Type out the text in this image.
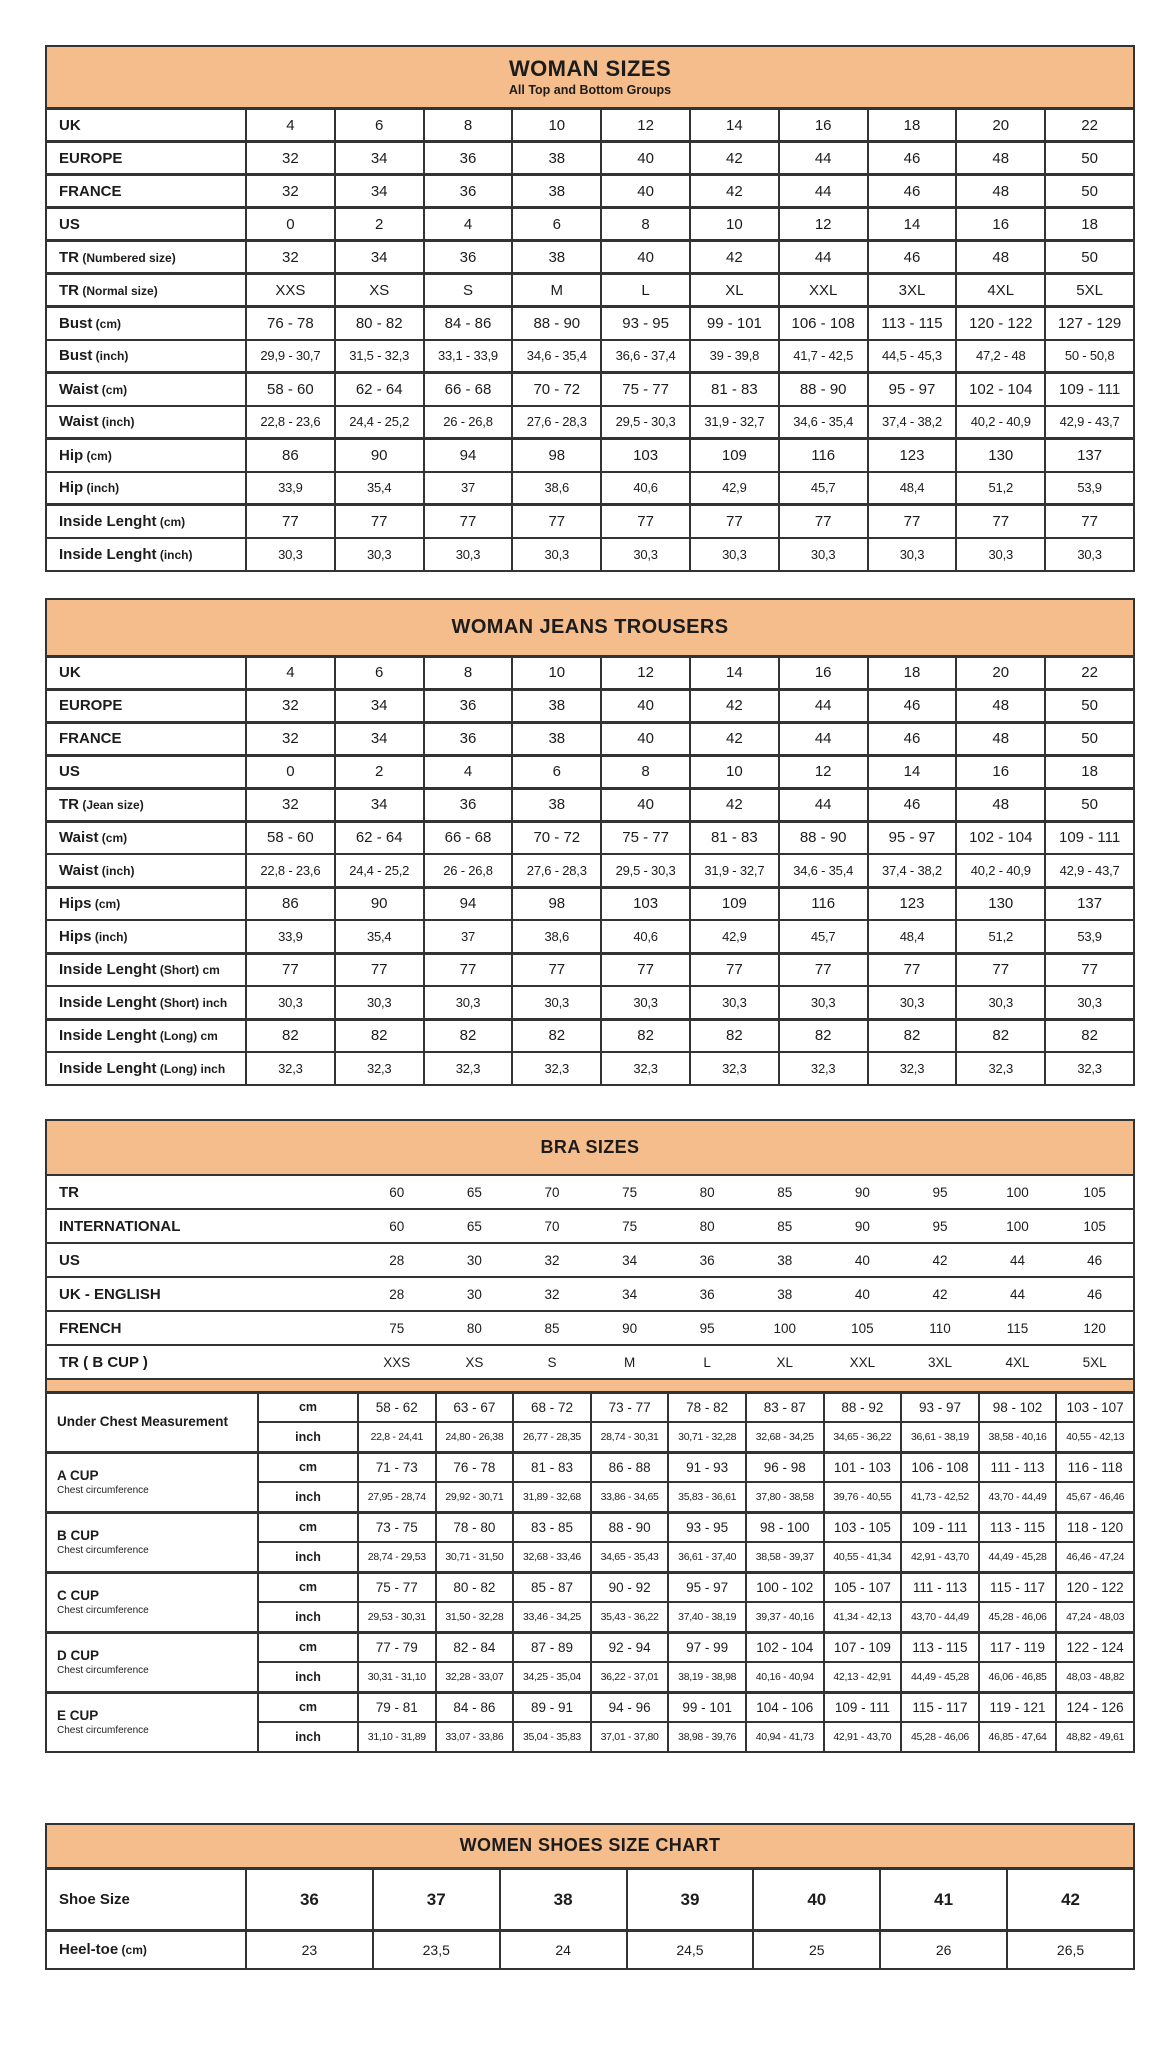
WOMAN SIZES
All Top and Bottom Groups
UK	4	6	8	10	12	14	16	18	20	22
EUROPE	32	34	36	38	40	42	44	46	48	50
FRANCE	32	34	36	38	40	42	44	46	48	50
US	0	2	4	6	8	10	12	14	16	18
TR (Numbered size)	32	34	36	38	40	42	44	46	48	50
TR (Normal size)	XXS	XS	S	M	L	XL	XXL	3XL	4XL	5XL
Bust (cm)	76 - 78	80 - 82	84 - 86	88 - 90	93 - 95	99 - 101	106 - 108	113 - 115	120 - 122	127 - 129
Bust (inch)	29,9 - 30,7	31,5 - 32,3	33,1 - 33,9	34,6 - 35,4	36,6 - 37,4	39 - 39,8	41,7 - 42,5	44,5 - 45,3	47,2 - 48	50 - 50,8
Waist (cm)	58 - 60	62 - 64	66 - 68	70 - 72	75 - 77	81 - 83	88 - 90	95 - 97	102 - 104	109 - 111
Waist (inch)	22,8 - 23,6	24,4 - 25,2	26 - 26,8	27,6 - 28,3	29,5 - 30,3	31,9 - 32,7	34,6 - 35,4	37,4 - 38,2	40,2 - 40,9	42,9 - 43,7
Hip (cm)	86	90	94	98	103	109	116	123	130	137
Hip (inch)	33,9	35,4	37	38,6	40,6	42,9	45,7	48,4	51,2	53,9
Inside Lenght (cm)	77	77	77	77	77	77	77	77	77	77
Inside Lenght (inch)	30,3	30,3	30,3	30,3	30,3	30,3	30,3	30,3	30,3	30,3
WOMAN JEANS TROUSERS
UK	4	6	8	10	12	14	16	18	20	22
EUROPE	32	34	36	38	40	42	44	46	48	50
FRANCE	32	34	36	38	40	42	44	46	48	50
US	0	2	4	6	8	10	12	14	16	18
TR (Jean size)	32	34	36	38	40	42	44	46	48	50
Waist (cm)	58 - 60	62 - 64	66 - 68	70 - 72	75 - 77	81 - 83	88 - 90	95 - 97	102 - 104	109 - 111
Waist (inch)	22,8 - 23,6	24,4 - 25,2	26 - 26,8	27,6 - 28,3	29,5 - 30,3	31,9 - 32,7	34,6 - 35,4	37,4 - 38,2	40,2 - 40,9	42,9 - 43,7
Hips (cm)	86	90	94	98	103	109	116	123	130	137
Hips (inch)	33,9	35,4	37	38,6	40,6	42,9	45,7	48,4	51,2	53,9
Inside Lenght (Short) cm	77	77	77	77	77	77	77	77	77	77
Inside Lenght (Short) inch	30,3	30,3	30,3	30,3	30,3	30,3	30,3	30,3	30,3	30,3
Inside Lenght (Long) cm	82	82	82	82	82	82	82	82	82	82
Inside Lenght (Long) inch	32,3	32,3	32,3	32,3	32,3	32,3	32,3	32,3	32,3	32,3
BRA SIZES
TR		60	65	70	75	80	85	90	95	100	105
INTERNATIONAL		60	65	70	75	80	85	90	95	100	105
US		28	30	32	34	36	38	40	42	44	46
UK - ENGLISH		28	30	32	34	36	38	40	42	44	46
FRENCH		75	80	85	90	95	100	105	110	115	120
TR ( B CUP )		XXS	XS	S	M	L	XL	XXL	3XL	4XL	5XL

Under Chest Measurement	cm	58 - 62	63 - 67	68 - 72	73 - 77	78 - 82	83 - 87	88 - 92	93 - 97	98 - 102	103 - 107
	inch	22,8 - 24,41	24,80 - 26,38	26,77 - 28,35	28,74 - 30,31	30,71 - 32,28	32,68 - 34,25	34,65 - 36,22	36,61 - 38,19	38,58 - 40,16	40,55 - 42,13

A CUP
Chest circumference	cm	71 - 73	76 - 78	81 - 83	86 - 88	91 - 93	96 - 98	101 - 103	106 - 108	111 - 113	116 - 118
	inch	27,95 - 28,74	29,92 - 30,71	31,89 - 32,68	33,86 - 34,65	35,83 - 36,61	37,80 - 38,58	39,76 - 40,55	41,73 - 42,52	43,70 - 44,49	45,67 - 46,46

B CUP
Chest circumference	cm	73 - 75	78 - 80	83 - 85	88 - 90	93 - 95	98 - 100	103 - 105	109 - 111	113 - 115	118 - 120
	inch	28,74 - 29,53	30,71 - 31,50	32,68 - 33,46	34,65 - 35,43	36,61 - 37,40	38,58 - 39,37	40,55 - 41,34	42,91 - 43,70	44,49 - 45,28	46,46 - 47,24

C CUP
Chest circumference	cm	75 - 77	80 - 82	85 - 87	90 - 92	95 - 97	100 - 102	105 - 107	111 - 113	115 - 117	120 - 122
	inch	29,53 - 30,31	31,50 - 32,28	33,46 - 34,25	35,43 - 36,22	37,40 - 38,19	39,37 - 40,16	41,34 - 42,13	43,70 - 44,49	45,28 - 46,06	47,24 - 48,03

D CUP
Chest circumference	cm	77 - 79	82 - 84	87 - 89	92 - 94	97 - 99	102 - 104	107 - 109	113 - 115	117 - 119	122 - 124
	inch	30,31 - 31,10	32,28 - 33,07	34,25 - 35,04	36,22 - 37,01	38,19 - 38,98	40,16 - 40,94	42,13 - 42,91	44,49 - 45,28	46,06 - 46,85	48,03 - 48,82

E CUP
Chest circumference	cm	79 - 81	84 - 86	89 - 91	94 - 96	99 - 101	104 - 106	109 - 111	115 - 117	119 - 121	124 - 126
	inch	31,10 - 31,89	33,07 - 33,86	35,04 - 35,83	37,01 - 37,80	38,98 - 39,76	40,94 - 41,73	42,91 - 43,70	45,28 - 46,06	46,85 - 47,64	48,82 - 49,61
WOMEN SHOES SIZE CHART
Shoe Size	36	37	38	39	40	41	42
Heel-toe (cm)	23	23,5	24	24,5	25	26	26,5
